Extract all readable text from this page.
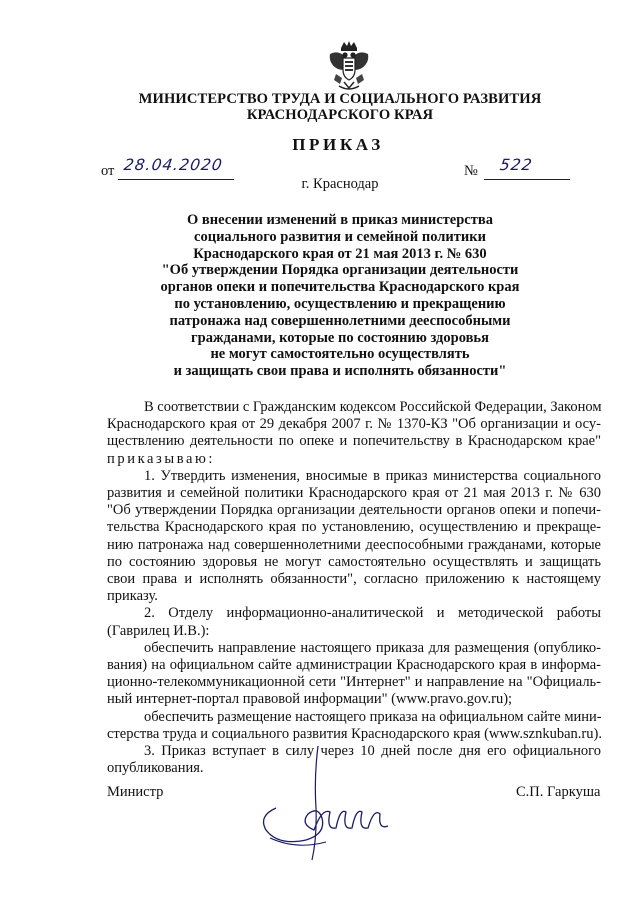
МИНИСТЕРСТВО ТРУДА И СОЦИАЛЬНОГО РАЗВИТИЯ
КРАСНОДАРСКОГО КРАЯ
ПРИКАЗ
от 28.04.2020	№ 522
г. Краснодар
О внесении изменений в приказ министерства
социального развития и семейной политики
Краснодарского края от 21 мая 2013 г. № 630
"Об утверждении Порядка организации деятельности
органов опеки и попечительства Краснодарского края
по установлению, осуществлению и прекращению
патронажа над совершеннолетними дееспособными
гражданами, которые по состоянию здоровья
не могут самостоятельно осуществлять
и защищать свои права и исполнять обязанности"
В соответствии с Гражданским кодексом Российской Федерации, Законом
Краснодарского края от 29 декабря 2007 г. № 1370-КЗ "Об организации и осу-
ществлению деятельности по опеке и попечительству в Краснодарском крае"
приказываю:
1. Утвердить изменения, вносимые в приказ министерства социального
развития и семейной политики Краснодарского края от 21 мая 2013 г. № 630
"Об утверждении Порядка организации деятельности органов опеки и попечи-
тельства Краснодарского края по установлению, осуществлению и прекраще-
нию патронажа над совершеннолетними дееспособными гражданами, которые
по состоянию здоровья не могут самостоятельно осуществлять и защищать
свои права и исполнять обязанности", согласно приложению к настоящему
приказу.
2. Отделу информационно-аналитической и методической работы
(Гаврилец И.В.):
обеспечить направление настоящего приказа для размещения (опублико-
вания) на официальном сайте администрации Краснодарского края в информа-
ционно-телекоммуникационной сети "Интернет" и направление на "Официаль-
ный интернет-портал правовой информации" (www.pravo.gov.ru);
обеспечить размещение настоящего приказа на официальном сайте мини-
стерства труда и социального развития Краснодарского края (www.sznkuban.ru).
3. Приказ вступает в силу через 10 дней после дня его официального
опубликования.
Министр	С.П. Гаркуша
